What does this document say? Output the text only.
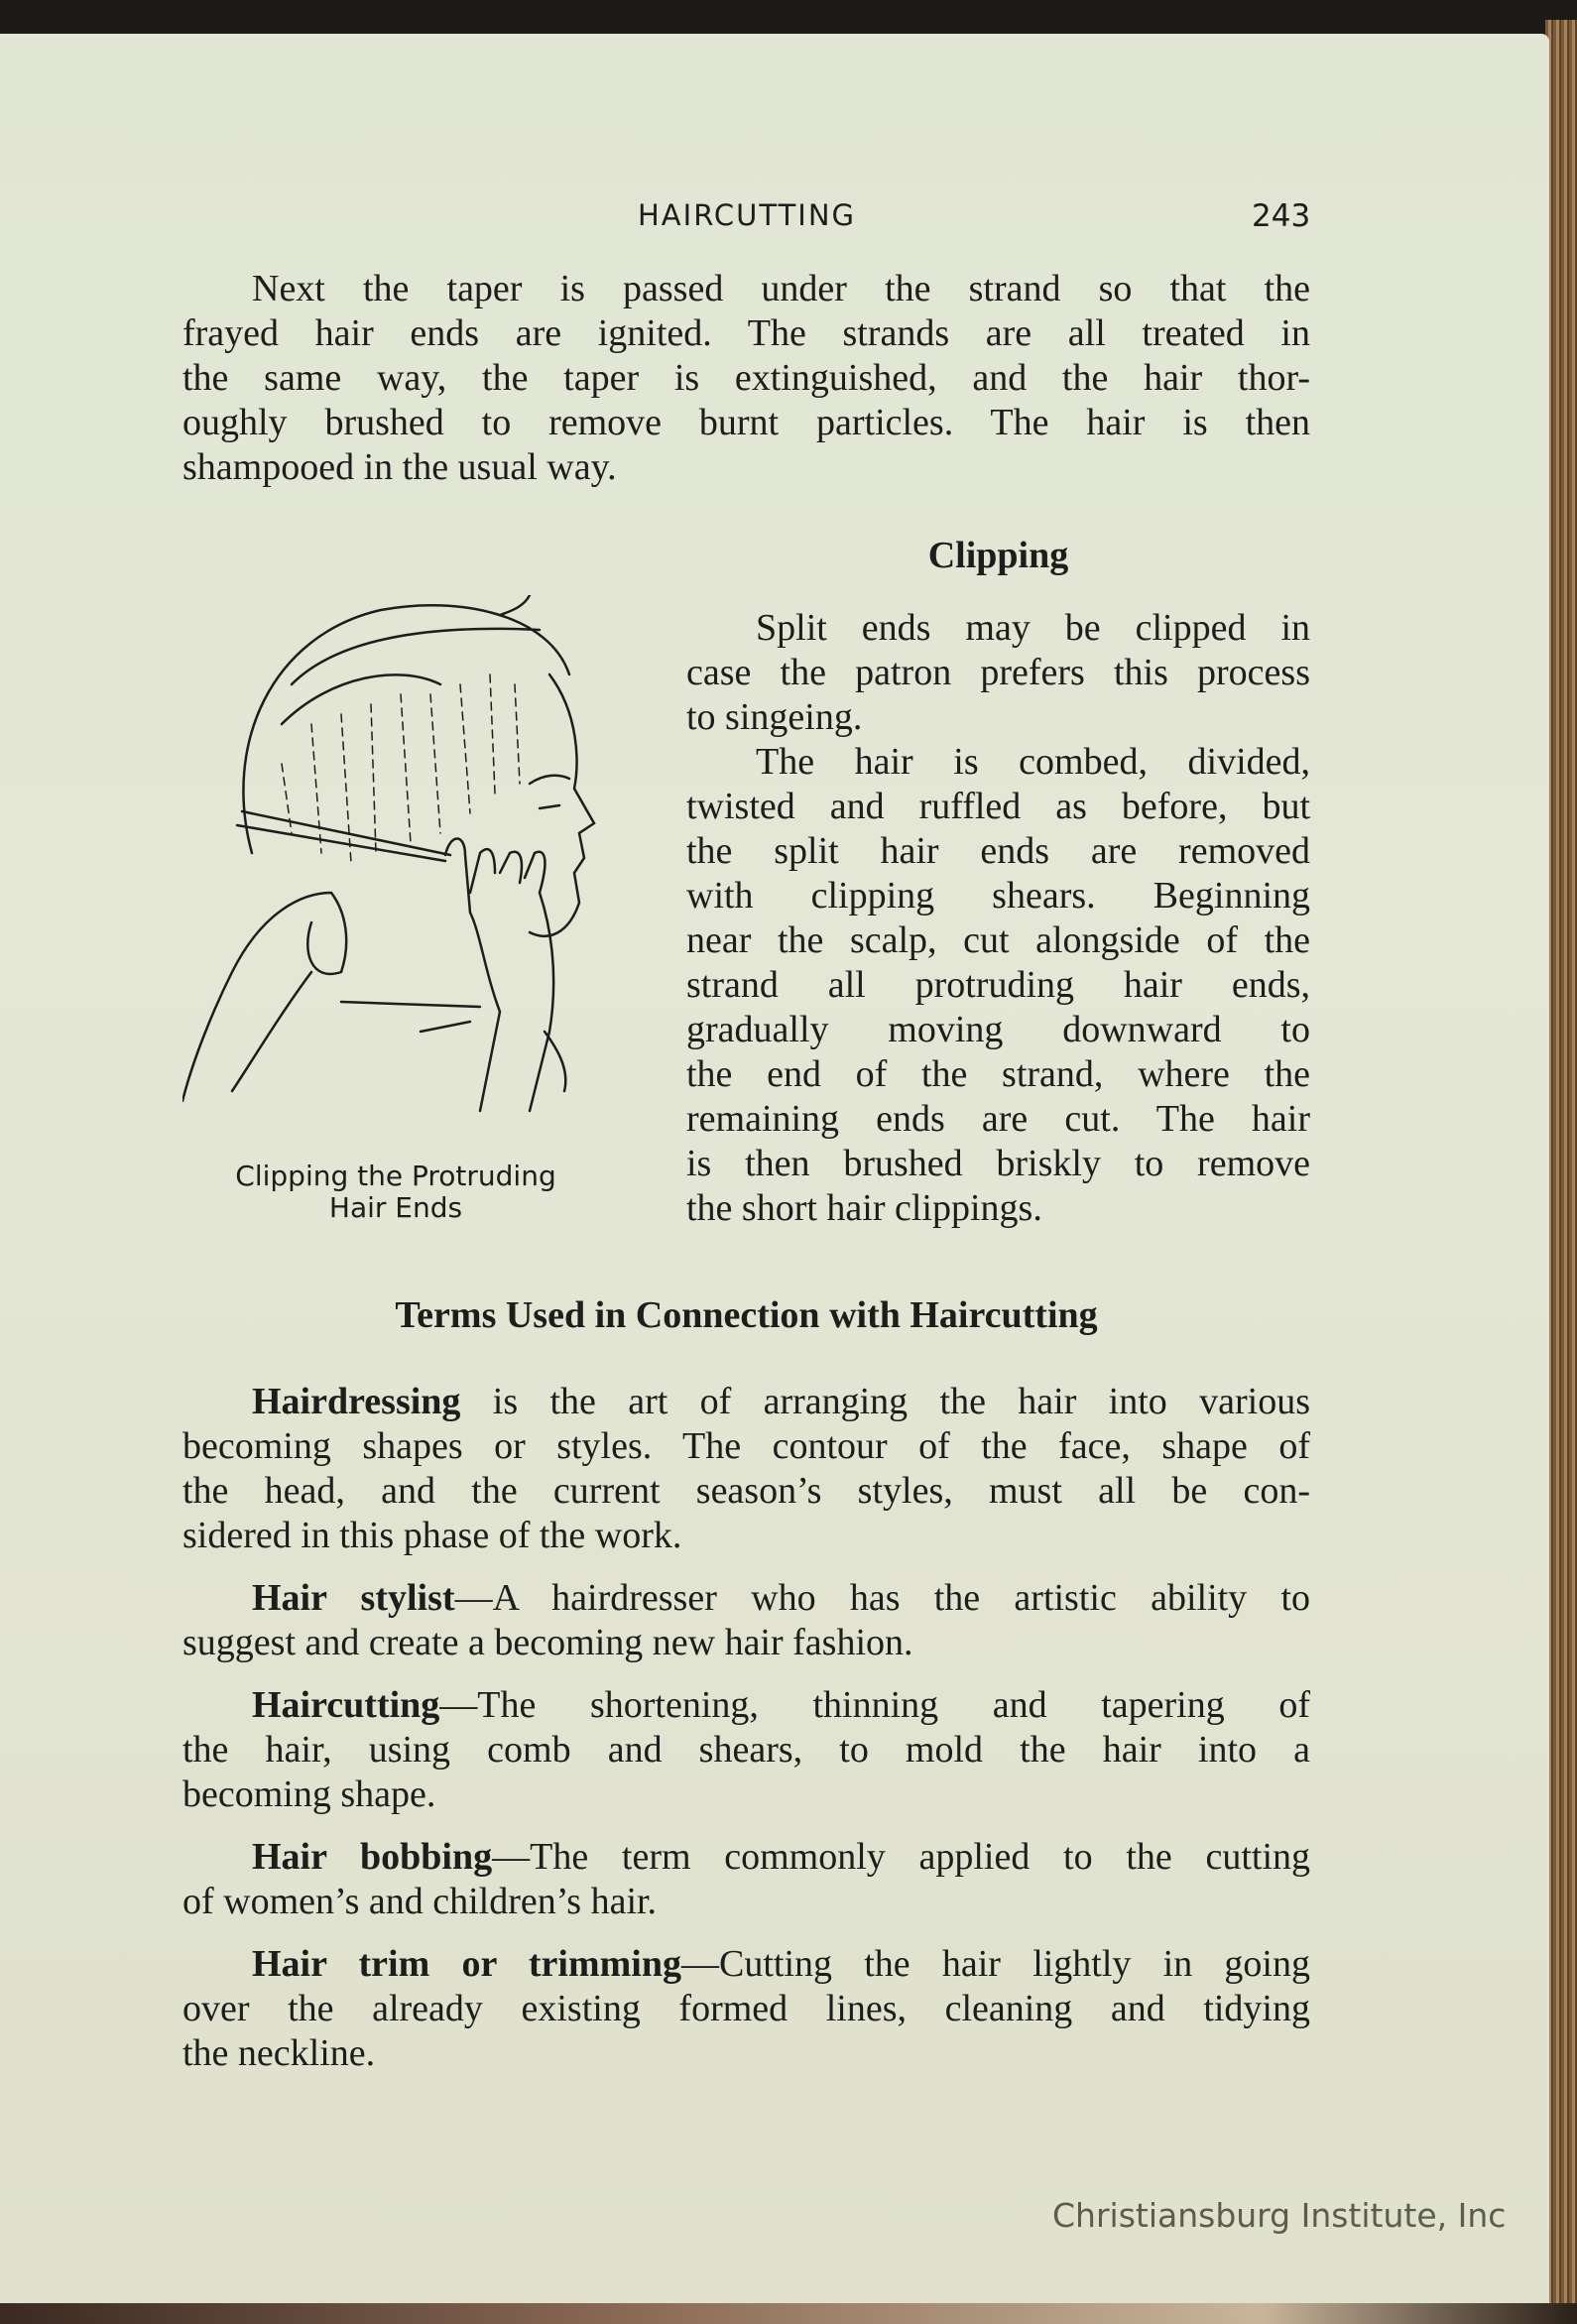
HAIRCUTTING	243
Next the taper is passed under the strand so that the
frayed hair ends are ignited. The strands are all treated in
the same way, the taper is extinguished, and the hair thor-
oughly brushed to remove burnt particles. The hair is then
shampooed in the usual way.
Clipping
Split ends may be clipped in
case the patron prefers this process
to singeing.
The hair is combed, divided,
twisted and ruffled as before, but
the split hair ends are removed
with clipping shears. Beginning
near the scalp, cut alongside of the
strand all protruding hair ends,
gradually moving downward to
the end of the strand, where the
remaining ends are cut. The hair
is then brushed briskly to remove
the short hair clippings.
Clipping the Protruding
Hair Ends
Terms Used in Connection with Haircutting
Hairdressing is the art of arranging the hair into various
becoming shapes or styles. The contour of the face, shape of
the head, and the current season’s styles, must all be con-
sidered in this phase of the work.
Hair stylist—A hairdresser who has the artistic ability to
suggest and create a becoming new hair fashion.
Haircutting—The shortening, thinning and tapering of
the hair, using comb and shears, to mold the hair into a
becoming shape.
Hair bobbing—The term commonly applied to the cutting
of women’s and children’s hair.
Hair trim or trimming—Cutting the hair lightly in going
over the already existing formed lines, cleaning and tidying
the neckline.
Christiansburg Institute, Inc
